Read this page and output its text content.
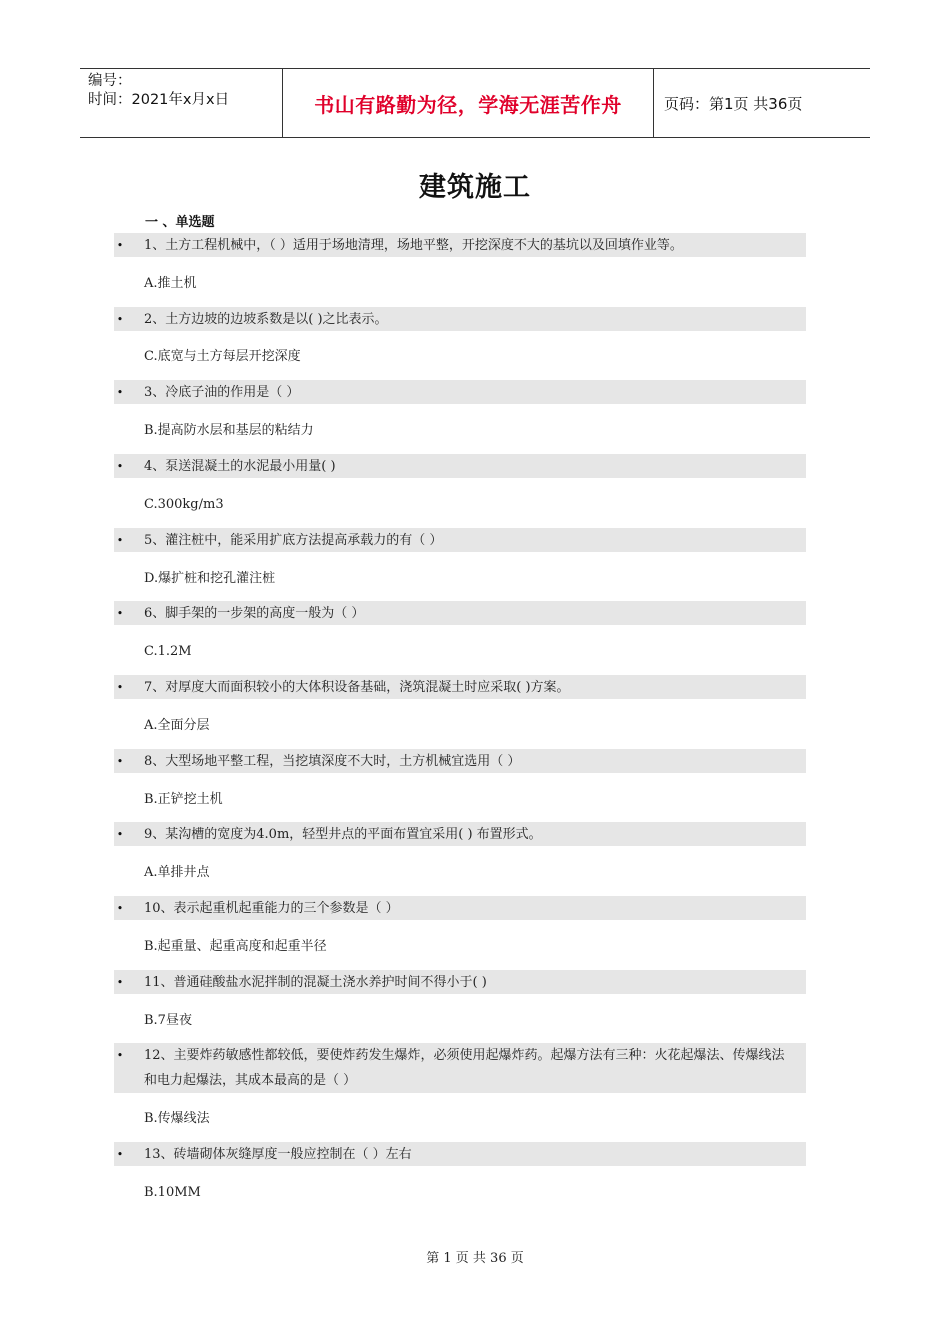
编号：
时间：2021年x月x日	书山有路勤为径，学海无涯苦作舟	页码：第1页 共36页
建筑施工
一 、单选题
• 1、土方工程机械中，（ ）适用于场地清理，场地平整，开挖深度不大的基坑以及回填作业等。
A.推土机
• 2、土方边坡的边坡系数是以( )之比表示。
C.底宽与土方每层开挖深度
• 3、冷底子油的作用是（ ）
B.提高防水层和基层的粘结力
• 4、泵送混凝土的水泥最小用量( )
C.300kg/m3
• 5、灌注桩中，能采用扩底方法提高承载力的有（ ）
D.爆扩桩和挖孔灌注桩
• 6、脚手架的一步架的高度一般为（ ）
C.1.2M
• 7、对厚度大而面积较小的大体积设备基础，浇筑混凝土时应采取( )方案。
A.全面分层
• 8、大型场地平整工程，当挖填深度不大时，土方机械宜选用（ ）
B.正铲挖土机
• 9、某沟槽的宽度为4.0m，轻型井点的平面布置宜采用( ) 布置形式。
A.单排井点
• 10、表示起重机起重能力的三个参数是（ ）
B.起重量、起重高度和起重半径
• 11、普通硅酸盐水泥拌制的混凝土浇水养护时间不得小于( )
B.7昼夜
• 12、主要炸药敏感性都较低，要使炸药发生爆炸，必须使用起爆炸药。起爆方法有三种：火花起爆法、传爆线法和电力起爆法，其成本最高的是（ ）
B.传爆线法
• 13、砖墙砌体灰缝厚度一般应控制在（ ）左右
B.10MM
第 1 页 共 36 页
